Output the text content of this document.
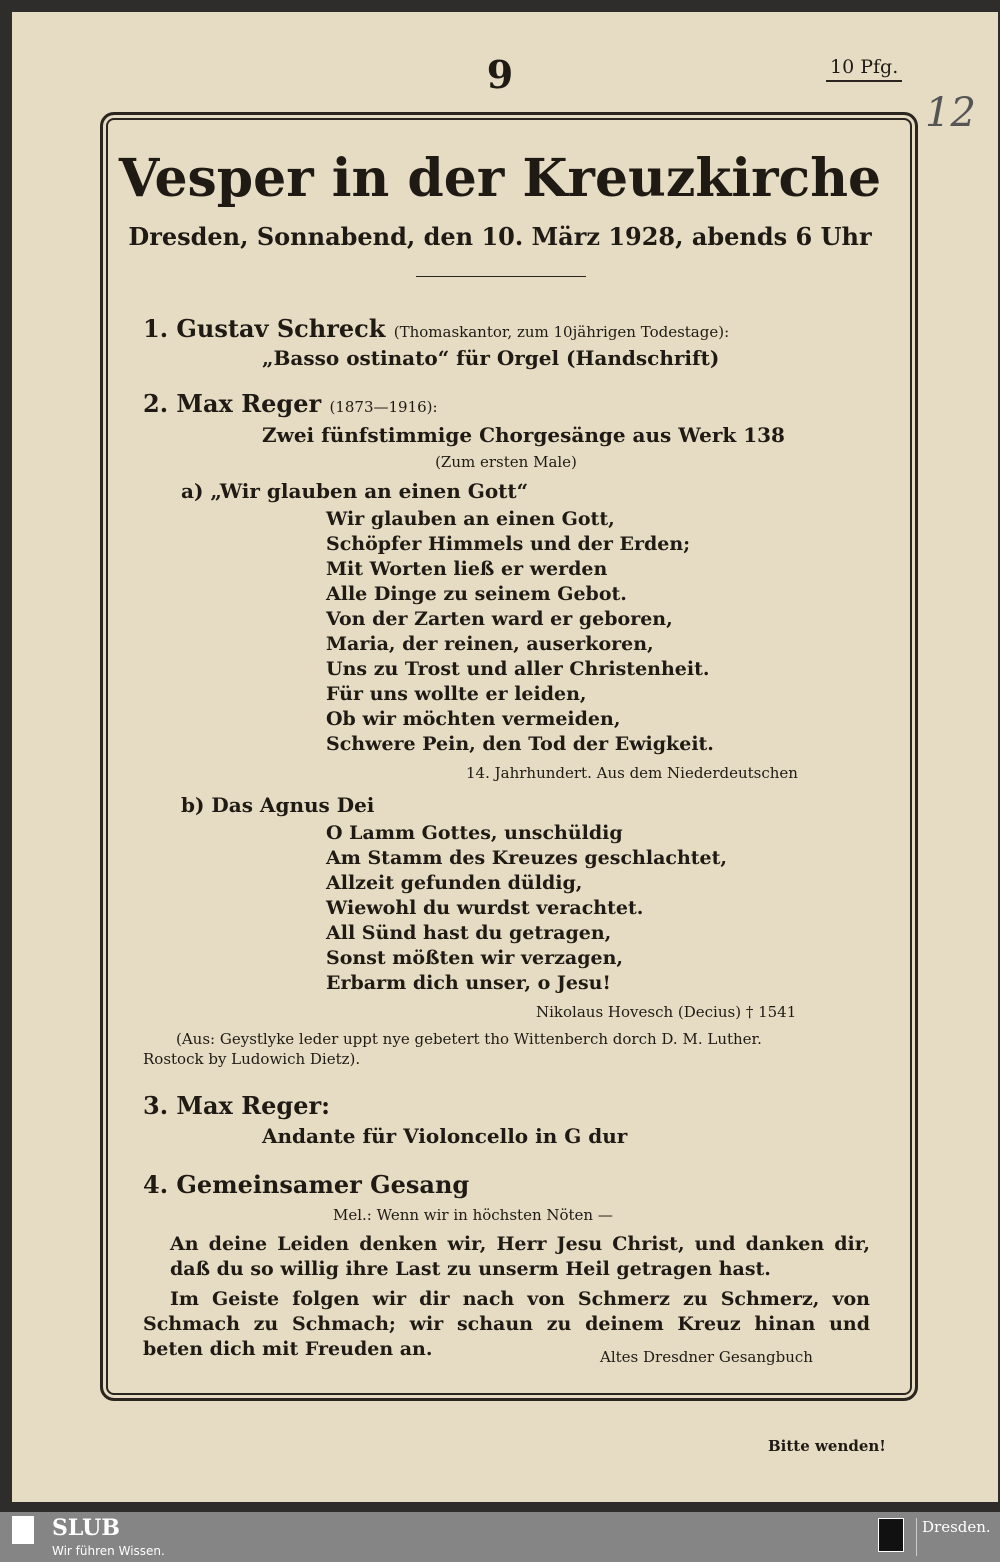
9	10 Pfg.
12
Vesper in der Kreuzkirche
Dresden, Sonnabend, den 10. März 1928, abends 6 Uhr
1. Gustav Schreck (Thomaskantor, zum 10jährigen Todestage):
„Basso ostinato“ für Orgel (Handschrift)
2. Max Reger (1873—1916):
Zwei fünfstimmige Chorgesänge aus Werk 138
(Zum ersten Male)
a) „Wir glauben an einen Gott“
Wir glauben an einen Gott,
Schöpfer Himmels und der Erden;
Mit Worten ließ er werden
Alle Dinge zu seinem Gebot.
Von der Zarten ward er geboren,
Maria, der reinen, auserkoren,
Uns zu Trost und aller Christenheit.
Für uns wollte er leiden,
Ob wir möchten vermeiden,
Schwere Pein, den Tod der Ewigkeit.
14. Jahrhundert. Aus dem Niederdeutschen
b) Das Agnus Dei
O Lamm Gottes, unschüldig
Am Stamm des Kreuzes geschlachtet,
Allzeit gefunden düldig,
Wiewohl du wurdst verachtet.
All Sünd hast du getragen,
Sonst mößten wir verzagen,
Erbarm dich unser, o Jesu!
Nikolaus Hovesch (Decius) † 1541
(Aus: Geystlyke leder uppt nye gebetert tho Wittenberch dorch D. M. Luther.
Rostock by Ludowich Dietz).
3. Max Reger:
Andante für Violoncello in G dur
4. Gemeinsamer Gesang
Mel.: Wenn wir in höchsten Nöten —
An deine Leiden denken wir, Herr Jesu Christ, und danken dir, daß du so willig ihre Last zu unserm Heil getragen hast.
Im Geiste folgen wir dir nach von Schmerz zu Schmerz, von Schmach zu Schmach; wir schaun zu deinem Kreuz hinan und beten dich mit Freuden an.	Altes Dresdner Gesangbuch
Bitte wenden!
SLUB
Wir führen Wissen.
Dresden.
